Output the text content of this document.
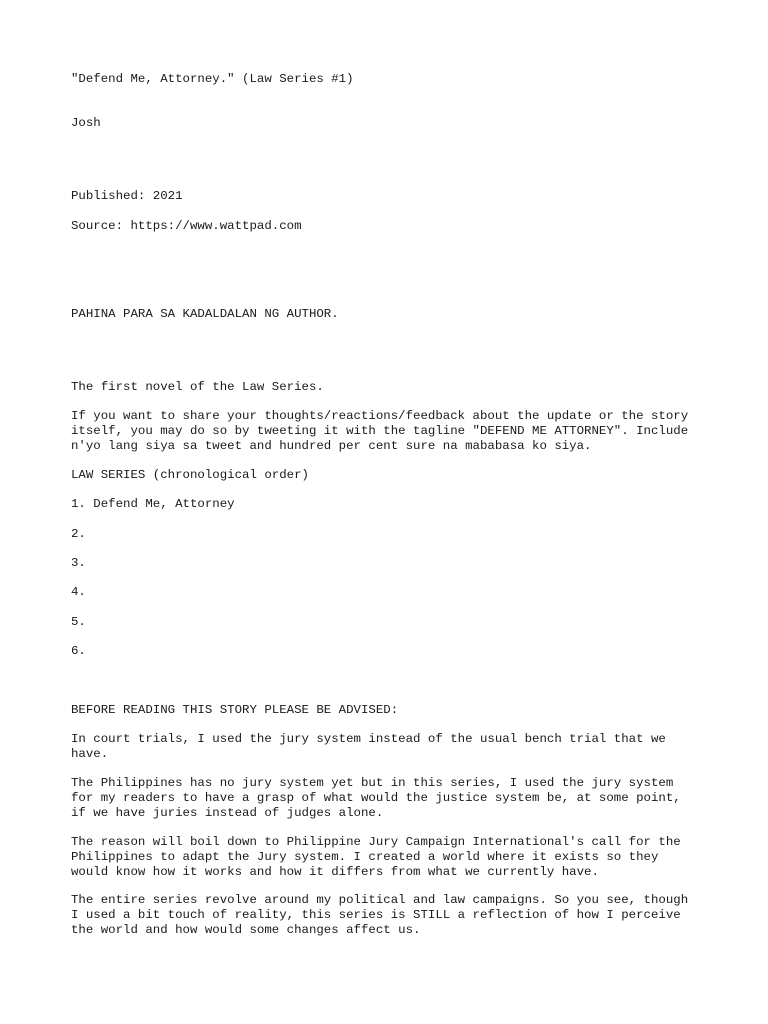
"Defend Me, Attorney." (Law Series #1)

Josh

Published: 2021

Source: https://www.wattpad.com

PAHINA PARA SA KADALDALAN NG AUTHOR.

The first novel of the Law Series.

If you want to share your thoughts/reactions/feedback about the update or the story
itself, you may do so by tweeting it with the tagline "DEFEND ME ATTORNEY". Include
n'yo lang siya sa tweet and hundred per cent sure na mababasa ko siya.

LAW SERIES (chronological order)

1. Defend Me, Attorney

2.

3.

4.

5.

6.

BEFORE READING THIS STORY PLEASE BE ADVISED:

In court trials, I used the jury system instead of the usual bench trial that we
have.

The Philippines has no jury system yet but in this series, I used the jury system
for my readers to have a grasp of what would the justice system be, at some point,
if we have juries instead of judges alone.

The reason will boil down to Philippine Jury Campaign International's call for the
Philippines to adapt the Jury system. I created a world where it exists so they
would know how it works and how it differs from what we currently have.

The entire series revolve around my political and law campaigns. So you see, though
I used a bit touch of reality, this series is STILL a reflection of how I perceive
the world and how would some changes affect us.
